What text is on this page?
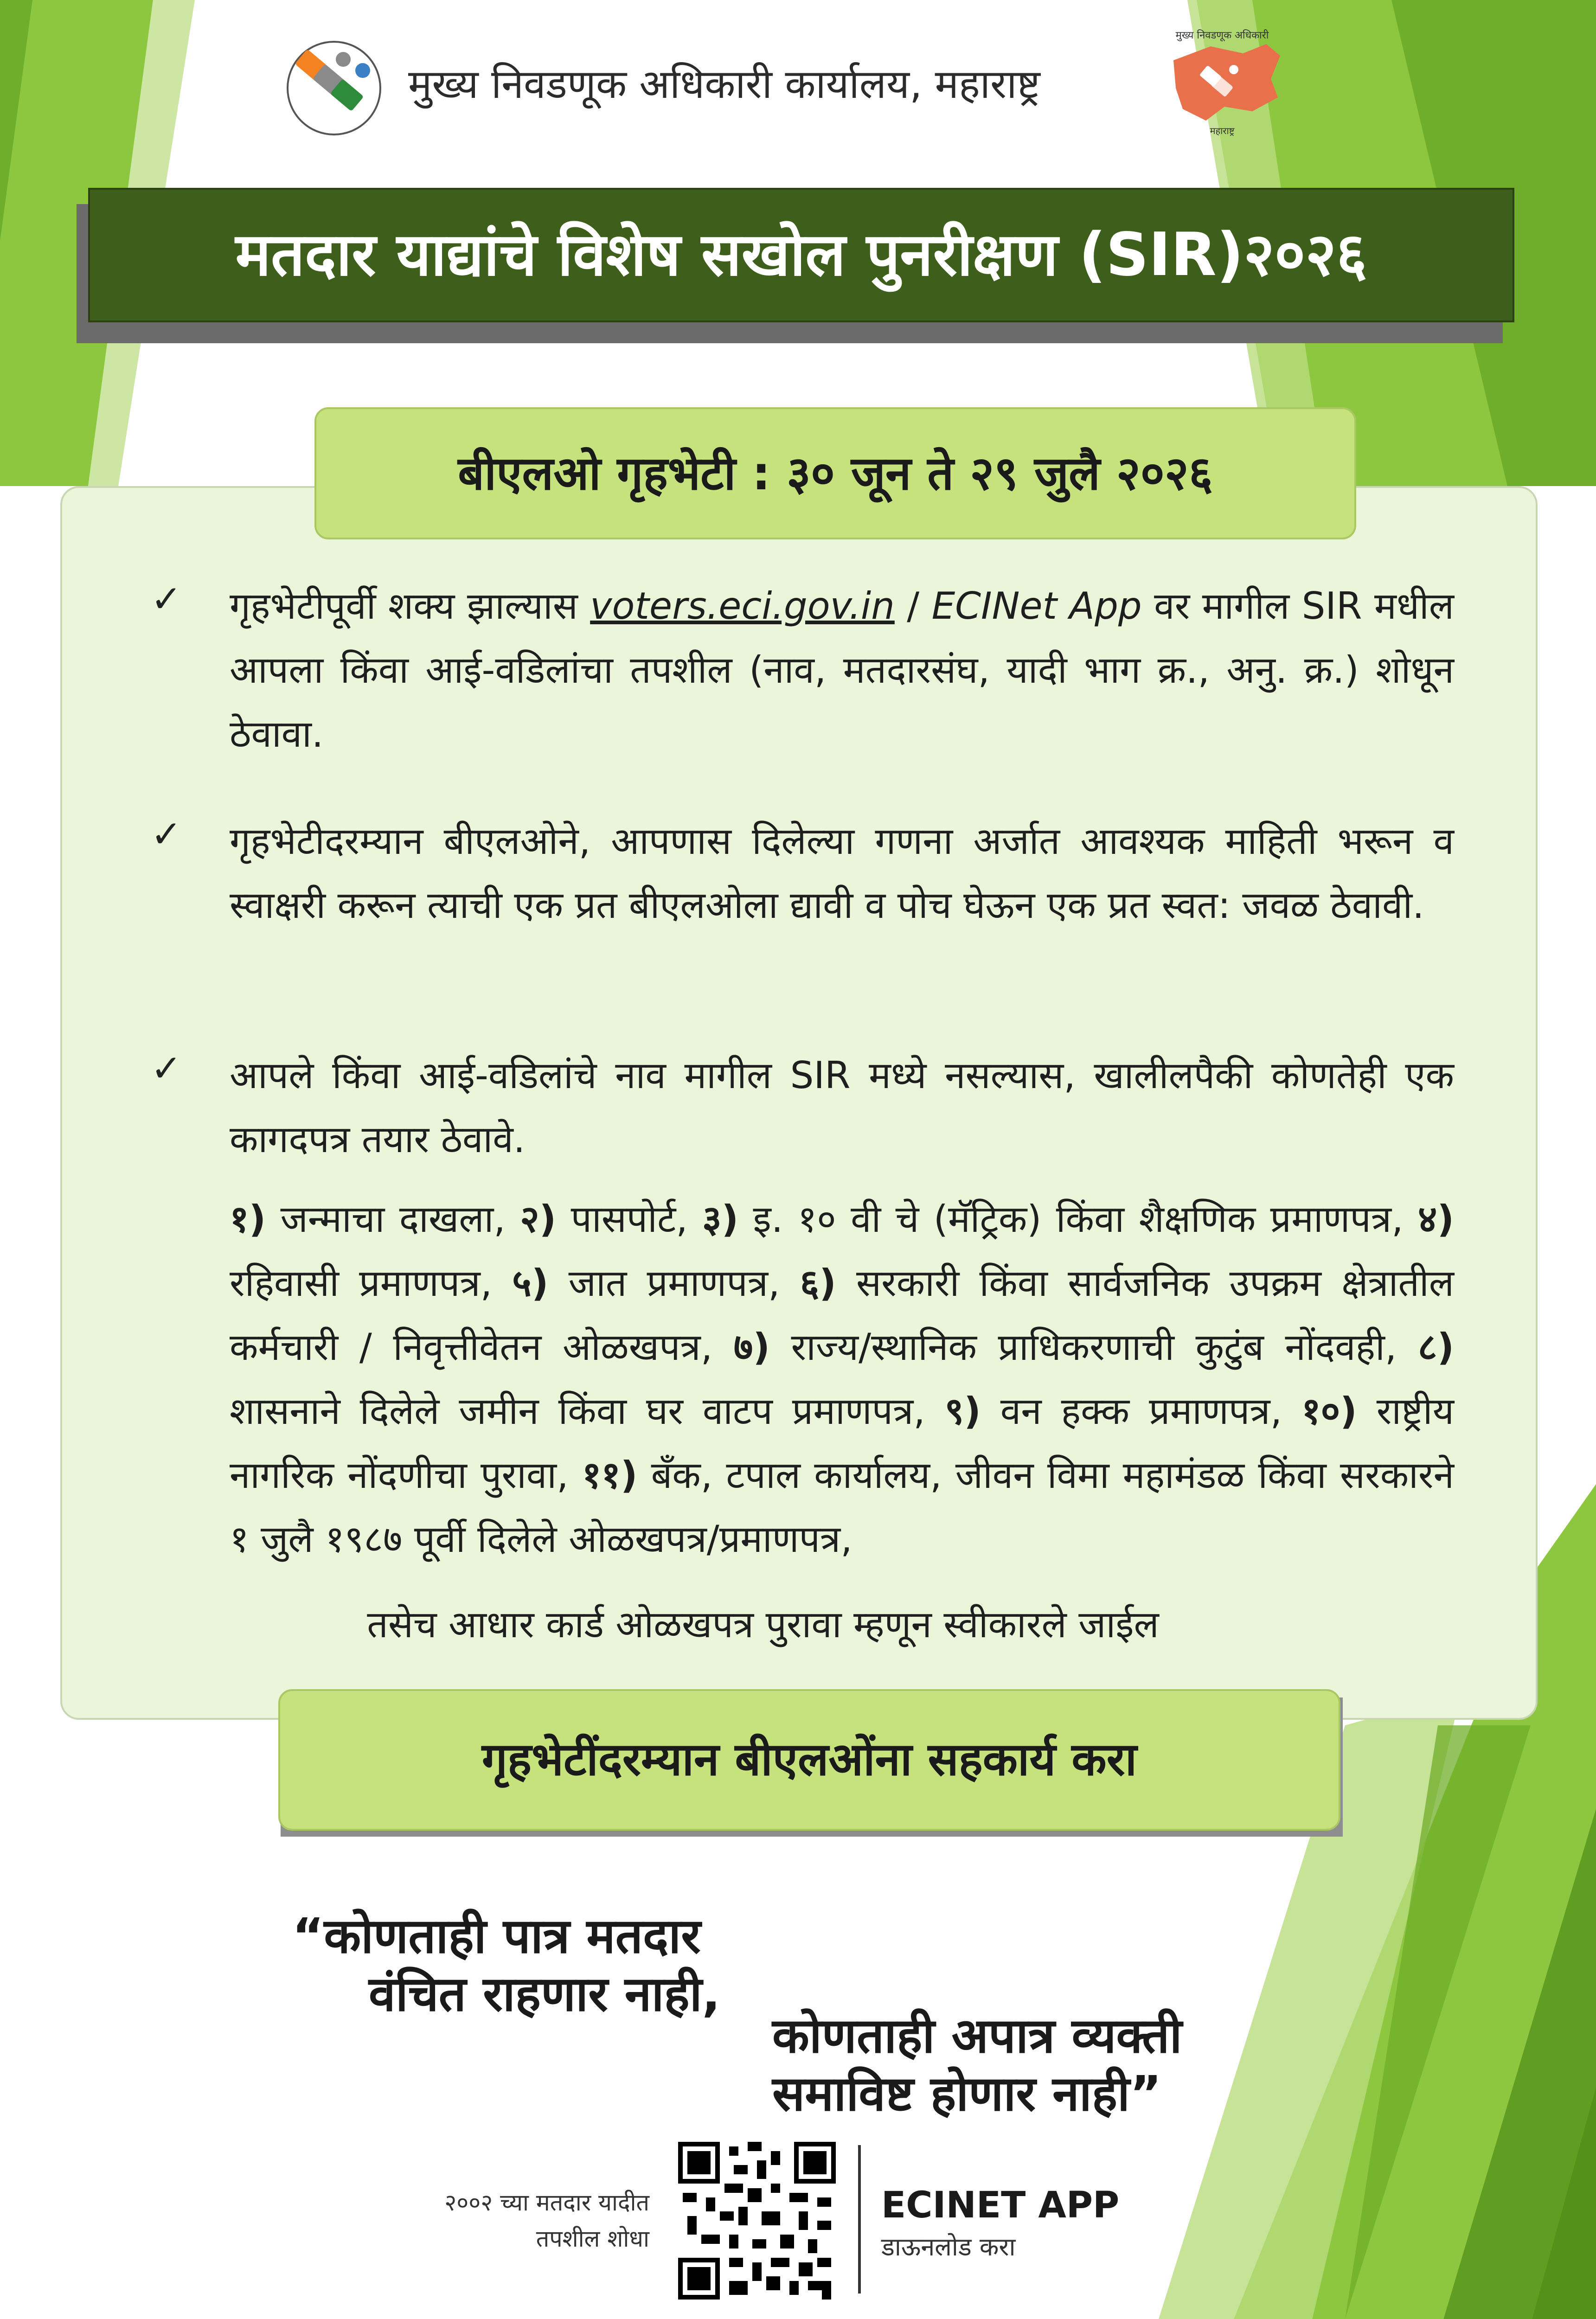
मुख्य निवडणूक अधिकारी कार्यालय, महाराष्ट्र
मुख्य निवडणूक अधिकारी
महाराष्ट्र
मतदार याद्यांचे विशेष सखोल पुनरीक्षण (SIR)२०२६
बीएलओ गृहभेटी : ३० जून ते २९ जुलै २०२६
✓ गृहभेटीपूर्वी शक्य झाल्यास voters.eci.gov.in / ECINet App वर मागील SIR मधील आपला किंवा आई-वडिलांचा तपशील (नाव, मतदारसंघ, यादी भाग क्र., अनु. क्र.) शोधून ठेवावा.
✓ गृहभेटीदरम्यान बीएलओने, आपणास दिलेल्या गणना अर्जात आवश्यक माहिती भरून व स्वाक्षरी करून त्याची एक प्रत बीएलओला द्यावी व पोच घेऊन एक प्रत स्वत: जवळ ठेवावी.
✓ आपले किंवा आई-वडिलांचे नाव मागील SIR मध्ये नसल्यास, खालीलपैकी कोणतेही एक कागदपत्र तयार ठेवावे.
१) जन्माचा दाखला, २) पासपोर्ट, ३) इ. १० वी चे (मॅट्रिक) किंवा शैक्षणिक प्रमाणपत्र, ४) रहिवासी प्रमाणपत्र, ५) जात प्रमाणपत्र, ६) सरकारी किंवा सार्वजनिक उपक्रम क्षेत्रातील कर्मचारी / निवृत्तीवेतन ओळखपत्र, ७) राज्य/स्थानिक प्राधिकरणाची कुटुंब नोंदवही, ८) शासनाने दिलेले जमीन किंवा घर वाटप प्रमाणपत्र, ९) वन हक्क प्रमाणपत्र, १०) राष्ट्रीय नागरिक नोंदणीचा पुरावा, ११) बँक, टपाल कार्यालय, जीवन विमा महामंडळ किंवा सरकारने १ जुलै १९८७ पूर्वी दिलेले ओळखपत्र/प्रमाणपत्र,
तसेच आधार कार्ड ओळखपत्र पुरावा म्हणून स्वीकारले जाईल
गृहभेटींदरम्यान बीएलओंना सहकार्य करा
“कोणताही पात्र मतदार
वंचित राहणार नाही,
कोणताही अपात्र व्यक्ती
समाविष्ट होणार नाही”
२००२ च्या मतदार यादीत
तपशील शोधा
ECINET APP
डाऊनलोड करा
